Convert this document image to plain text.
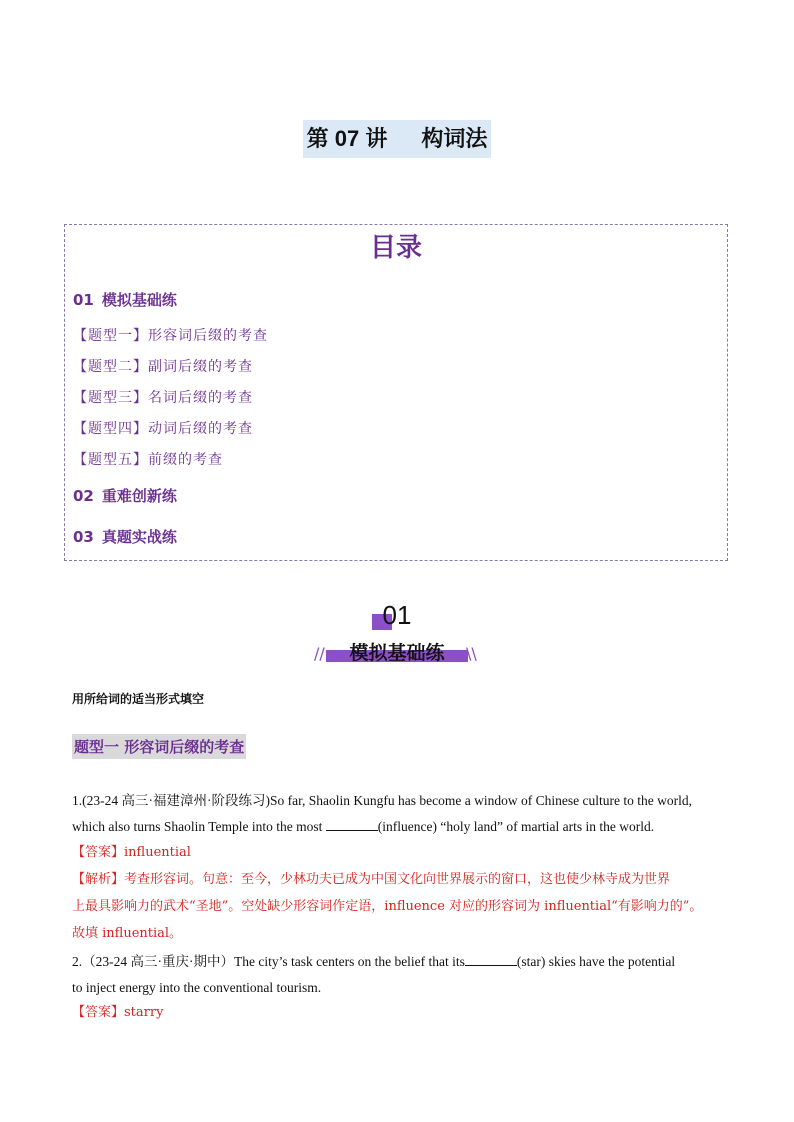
第 07 讲 构词法
目录
01 模拟基础练
【题型一】形容词后缀的考查
【题型二】副词后缀的考查
【题型三】名词后缀的考查
【题型四】动词后缀的考查
【题型五】前缀的考查
02 重难创新练
03 真题实战练
01
// 模拟基础练 \\
用所给词的适当形式填空
题型一 形容词后缀的考查
1.(23-24 高三·福建漳州·阶段练习)So far, Shaolin Kungfu has become a window of Chinese culture to the world,
which also turns Shaolin Temple into the most	(influence) “holy land” of martial arts in the world.
【答案】influential
【解析】考查形容词。句意：至今，少林功夫已成为中国文化向世界展示的窗口，这也使少林寺成为世界
上最具影响力的武术“圣地”。空处缺少形容词作定语，influence 对应的形容词为 influential“有影响力的”。
故填 influential。
2.（23-24 高三·重庆·期中）The city’s task centers on the belief that its	(star) skies have the potential
to inject energy into the conventional tourism.
【答案】starry
